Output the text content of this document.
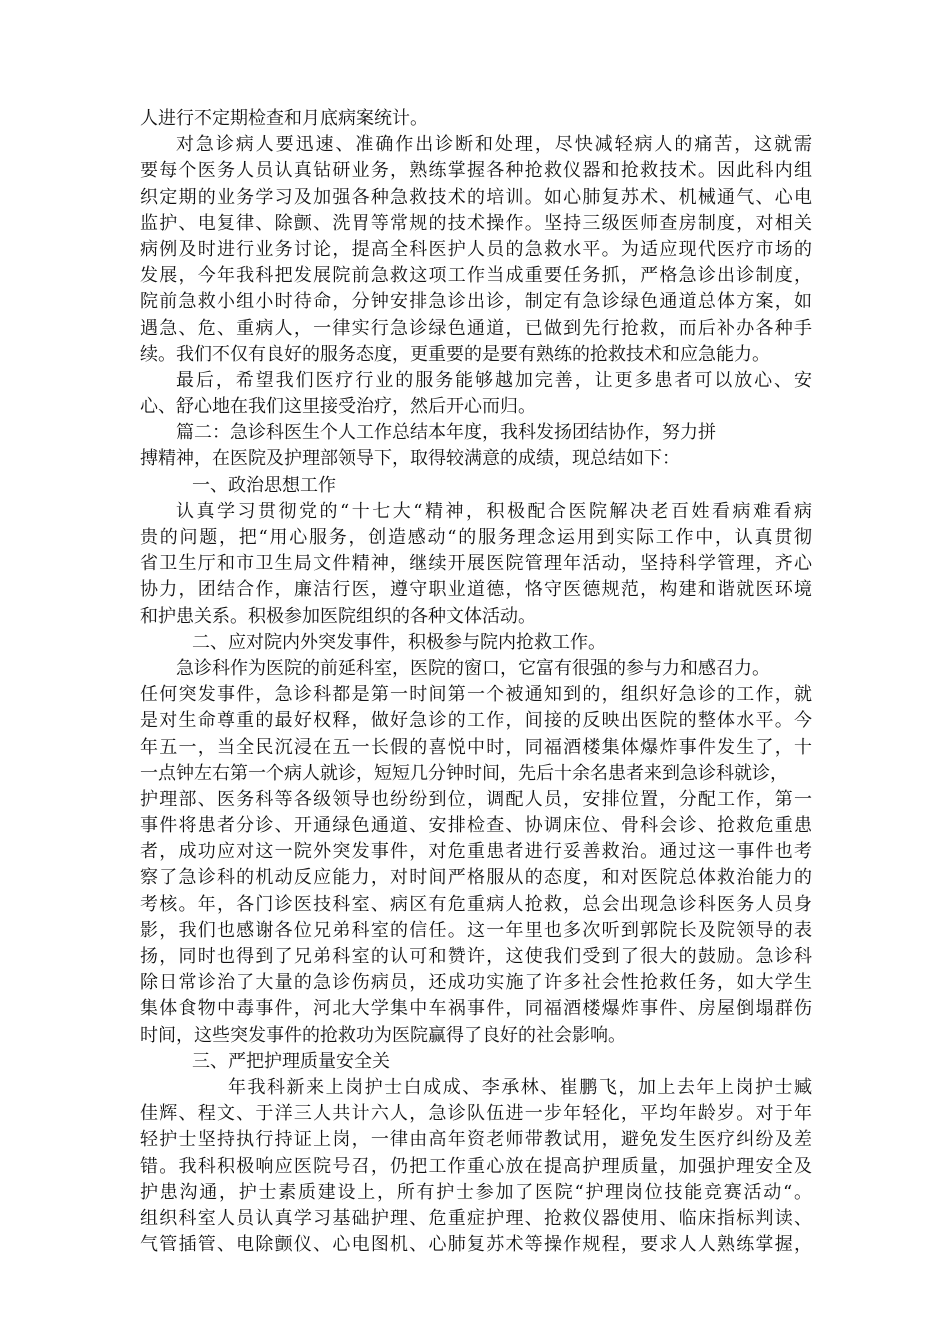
人进行不定期检查和月底病案统计。
对急诊病人要迅速、准确作出诊断和处理，尽快减轻病人的痛苦，这就需
要每个医务人员认真钻研业务，熟练掌握各种抢救仪器和抢救技术。因此科内组
织定期的业务学习及加强各种急救技术的培训。如心肺复苏术、机械通气、心电
监护、电复律、除颤、洗胃等常规的技术操作。坚持三级医师查房制度，对相关
病例及时进行业务讨论，提高全科医护人员的急救水平。为适应现代医疗市场的
发展，今年我科把发展院前急救这项工作当成重要任务抓，严格急诊出诊制度，
院前急救小组小时待命，分钟安排急诊出诊，制定有急诊绿色通道总体方案，如
遇急、危、重病人，一律实行急诊绿色通道，已做到先行抢救，而后补办各种手
续。我们不仅有良好的服务态度，更重要的是要有熟练的抢救技术和应急能力。
最后，希望我们医疗行业的服务能够越加完善，让更多患者可以放心、安
心、舒心地在我们这里接受治疗，然后开心而归。
篇二：急诊科医生个人工作总结本年度，我科发扬团结协作，努力拼
搏精神，在医院及护理部领导下，取得较满意的成绩，现总结如下：
一、政治思想工作
认真学习贯彻党的“十七大“精神，积极配合医院解决老百姓看病难看病
贵的问题，把“用心服务，创造感动“的服务理念运用到实际工作中，认真贯彻
省卫生厅和市卫生局文件精神，继续开展医院管理年活动，坚持科学管理，齐心
协力，团结合作，廉洁行医，遵守职业道德，恪守医德规范，构建和谐就医环境
和护患关系。积极参加医院组织的各种文体活动。
二、应对院内外突发事件，积极参与院内抢救工作。
急诊科作为医院的前延科室，医院的窗口，它富有很强的参与力和感召力。
任何突发事件，急诊科都是第一时间第一个被通知到的，组织好急诊的工作，就
是对生命尊重的最好权释，做好急诊的工作，间接的反映出医院的整体水平。今
年五一，当全民沉浸在五一长假的喜悦中时，同福酒楼集体爆炸事件发生了，十
一点钟左右第一个病人就诊，短短几分钟时间，先后十余名患者来到急诊科就诊，
护理部、医务科等各级领导也纷纷到位，调配人员，安排位置，分配工作，第一
事件将患者分诊、开通绿色通道、安排检查、协调床位、骨科会诊、抢救危重患
者，成功应对这一院外突发事件，对危重患者进行妥善救治。通过这一事件也考
察了急诊科的机动反应能力，对时间严格服从的态度，和对医院总体救治能力的
考核。年，各门诊医技科室、病区有危重病人抢救，总会出现急诊科医务人员身
影，我们也感谢各位兄弟科室的信任。这一年里也多次听到郭院长及院领导的表
扬，同时也得到了兄弟科室的认可和赞许，这使我们受到了很大的鼓励。急诊科
除日常诊治了大量的急诊伤病员，还成功实施了许多社会性抢救任务，如大学生
集体食物中毒事件，河北大学集中车祸事件，同福酒楼爆炸事件、房屋倒塌群伤
时间，这些突发事件的抢救功为医院赢得了良好的社会影响。
三、严把护理质量安全关
年我科新来上岗护士白成成、李承林、崔鹏飞，加上去年上岗护士臧
佳辉、程文、于洋三人共计六人，急诊队伍进一步年轻化，平均年龄岁。对于年
轻护士坚持执行持证上岗，一律由高年资老师带教试用，避免发生医疗纠纷及差
错。我科积极响应医院号召，仍把工作重心放在提高护理质量，加强护理安全及
护患沟通，护士素质建设上，所有护士参加了医院“护理岗位技能竞赛活动“。
组织科室人员认真学习基础护理、危重症护理、抢救仪器使用、临床指标判读、
气管插管、电除颤仪、心电图机、心肺复苏术等操作规程，要求人人熟练掌握，
